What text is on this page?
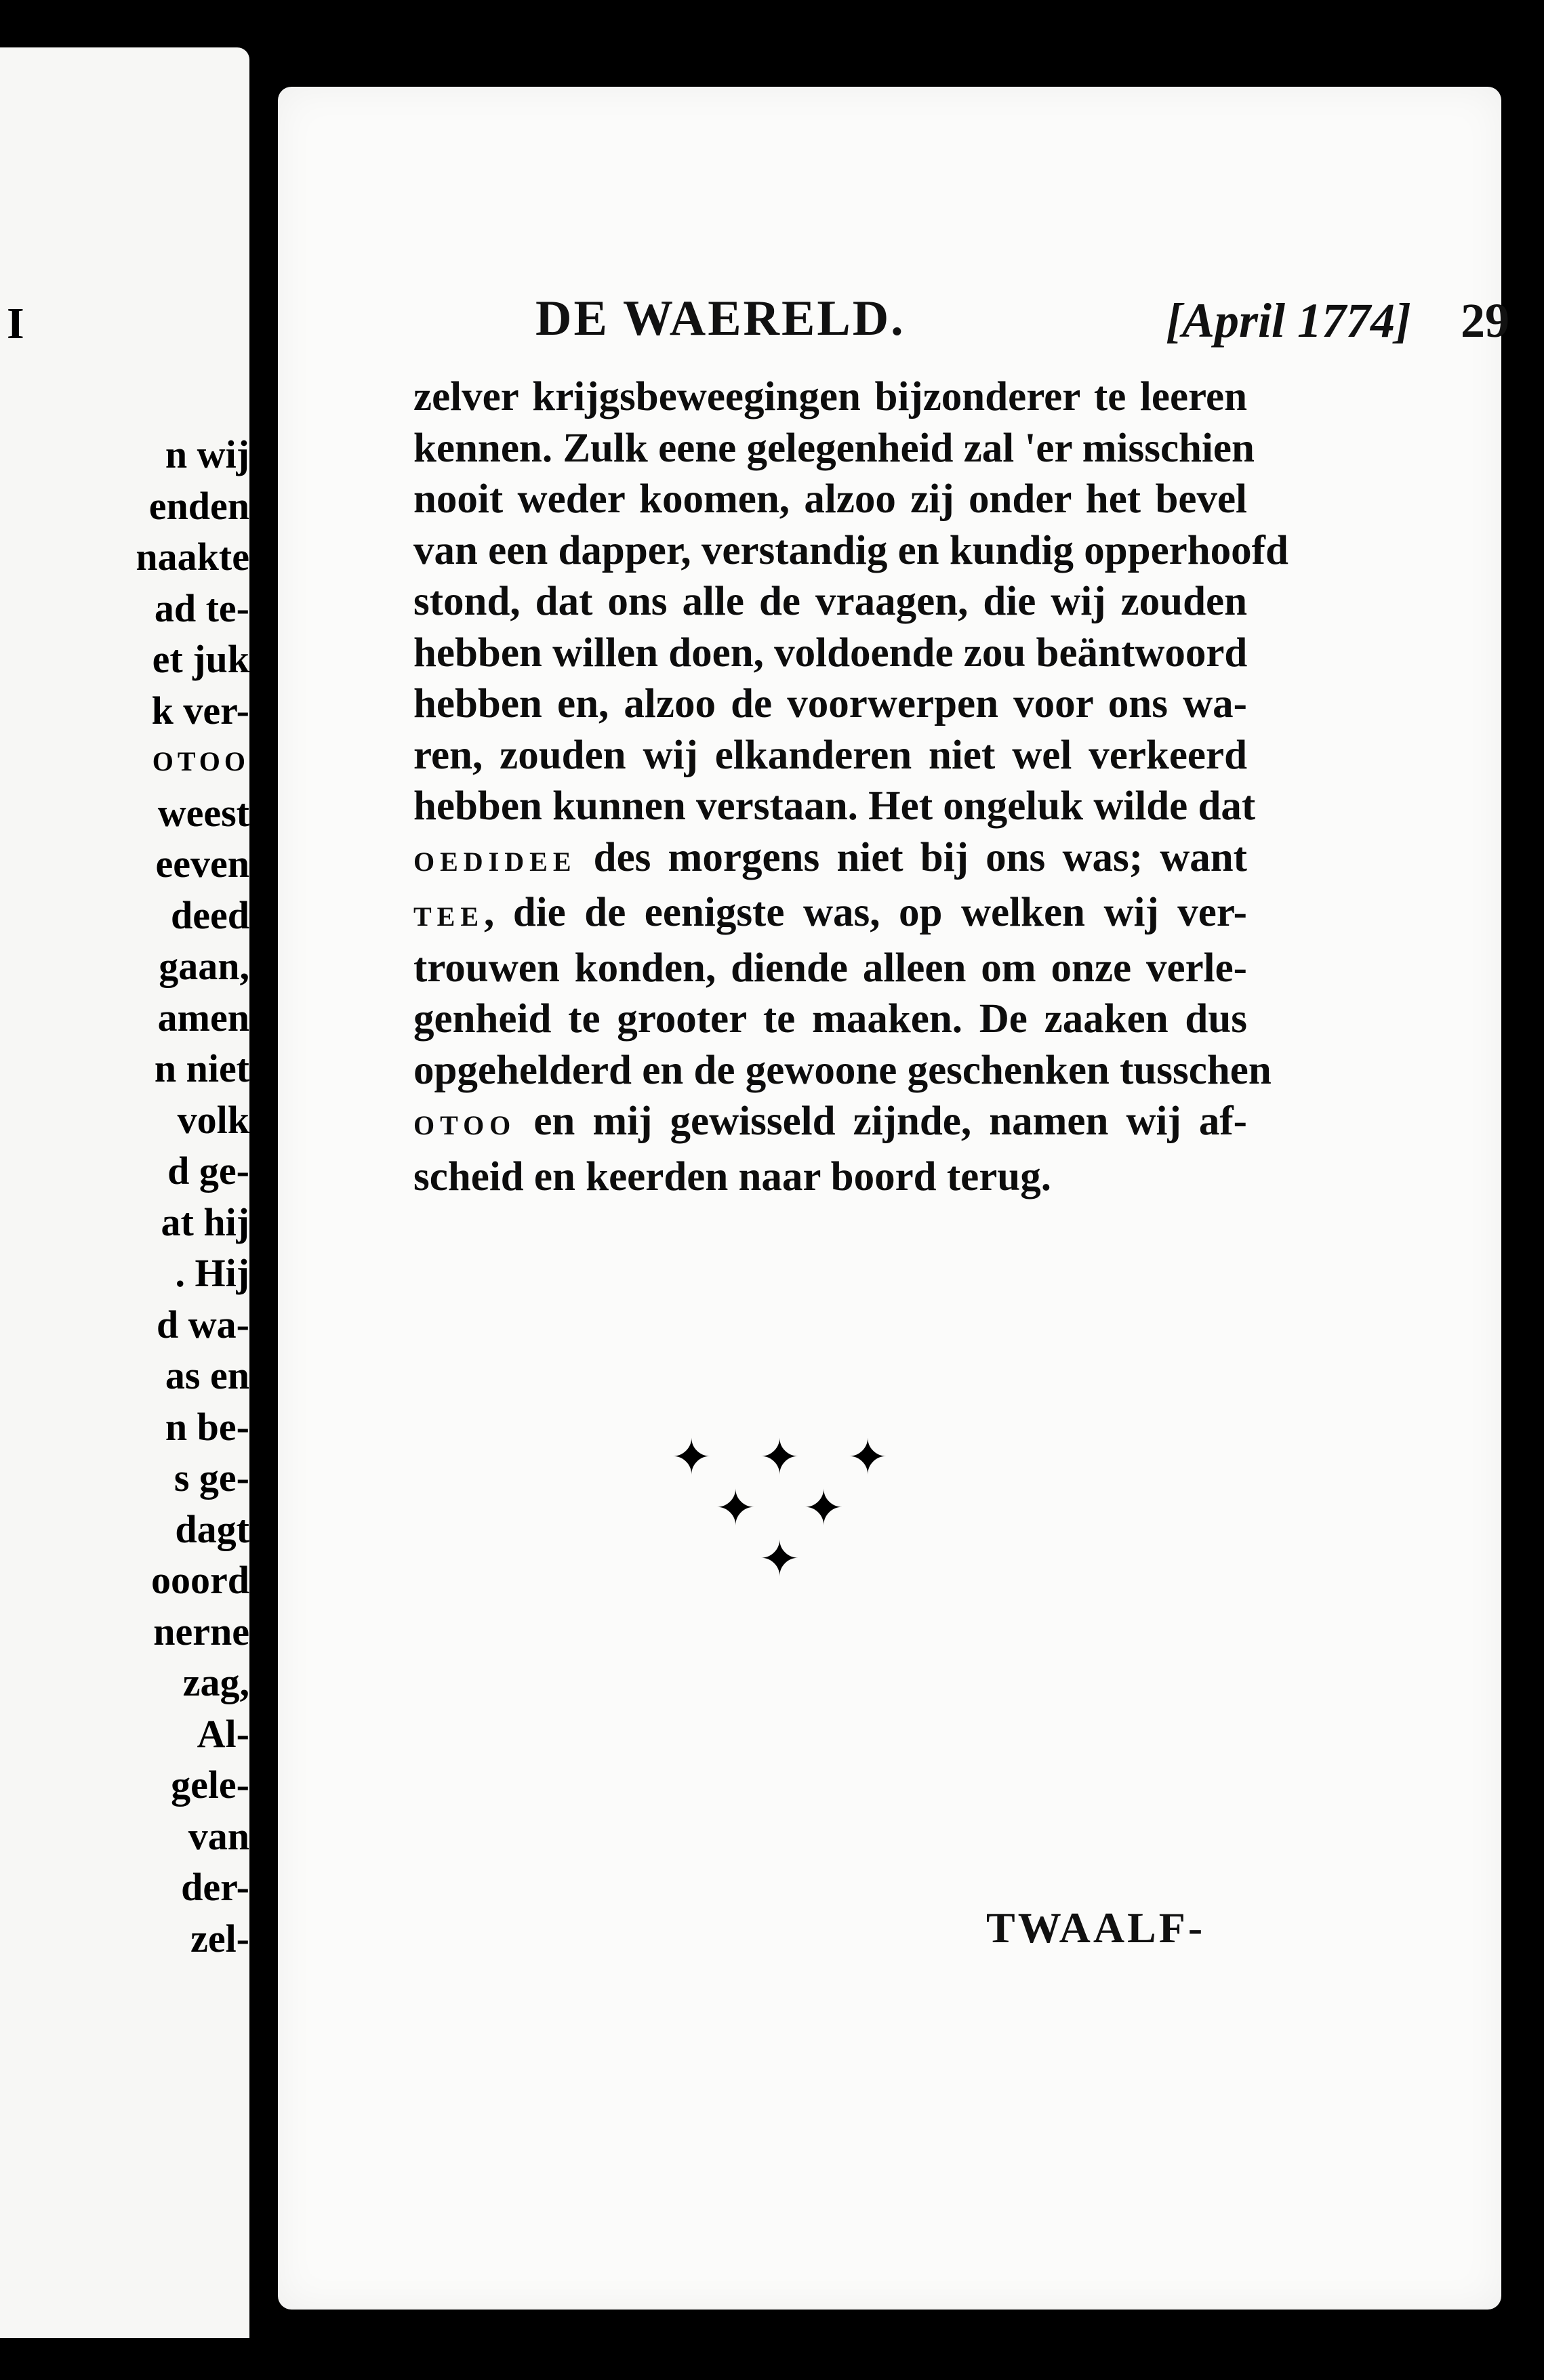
I
n wij
enden
naakte
ad te-
et juk
k ver-
OTOO
weest
eeven
deed
gaan,
amen
n niet
volk
d ge-
at hij
. Hij
d wa-
as en
n be-
s ge-
dagt
ooord
nerne
zag,
Al-
gele-
van
der-
zel-
DE WAERELD.	[April 1774] 29
zelver krijgsbeweegingen bijzonderer te leeren
kennen. Zulk eene gelegenheid zal 'er misschien
nooit weder koomen, alzoo zij onder het bevel
van een dapper, verstandig en kundig opperhoofd
stond, dat ons alle de vraagen, die wij zouden
hebben willen doen, voldoende zou beäntwoord
hebben en, alzoo de voorwerpen voor ons wa-
ren, zouden wij elkanderen niet wel verkeerd
hebben kunnen verstaan. Het ongeluk wilde dat
OEDIDEE des morgens niet bij ons was; want
TEE, die de eenigste was, op welken wij ver-
trouwen konden, diende alleen om onze verle-
genheid te grooter te maaken. De zaaken dus
opgehelderd en de gewoone geschenken tusschen
OTOO en mij gewisseld zijnde, namen wij af-
scheid en keerden naar boord terug.
✦ ✦ ✦
✦ ✦
✦
TWAALF-
